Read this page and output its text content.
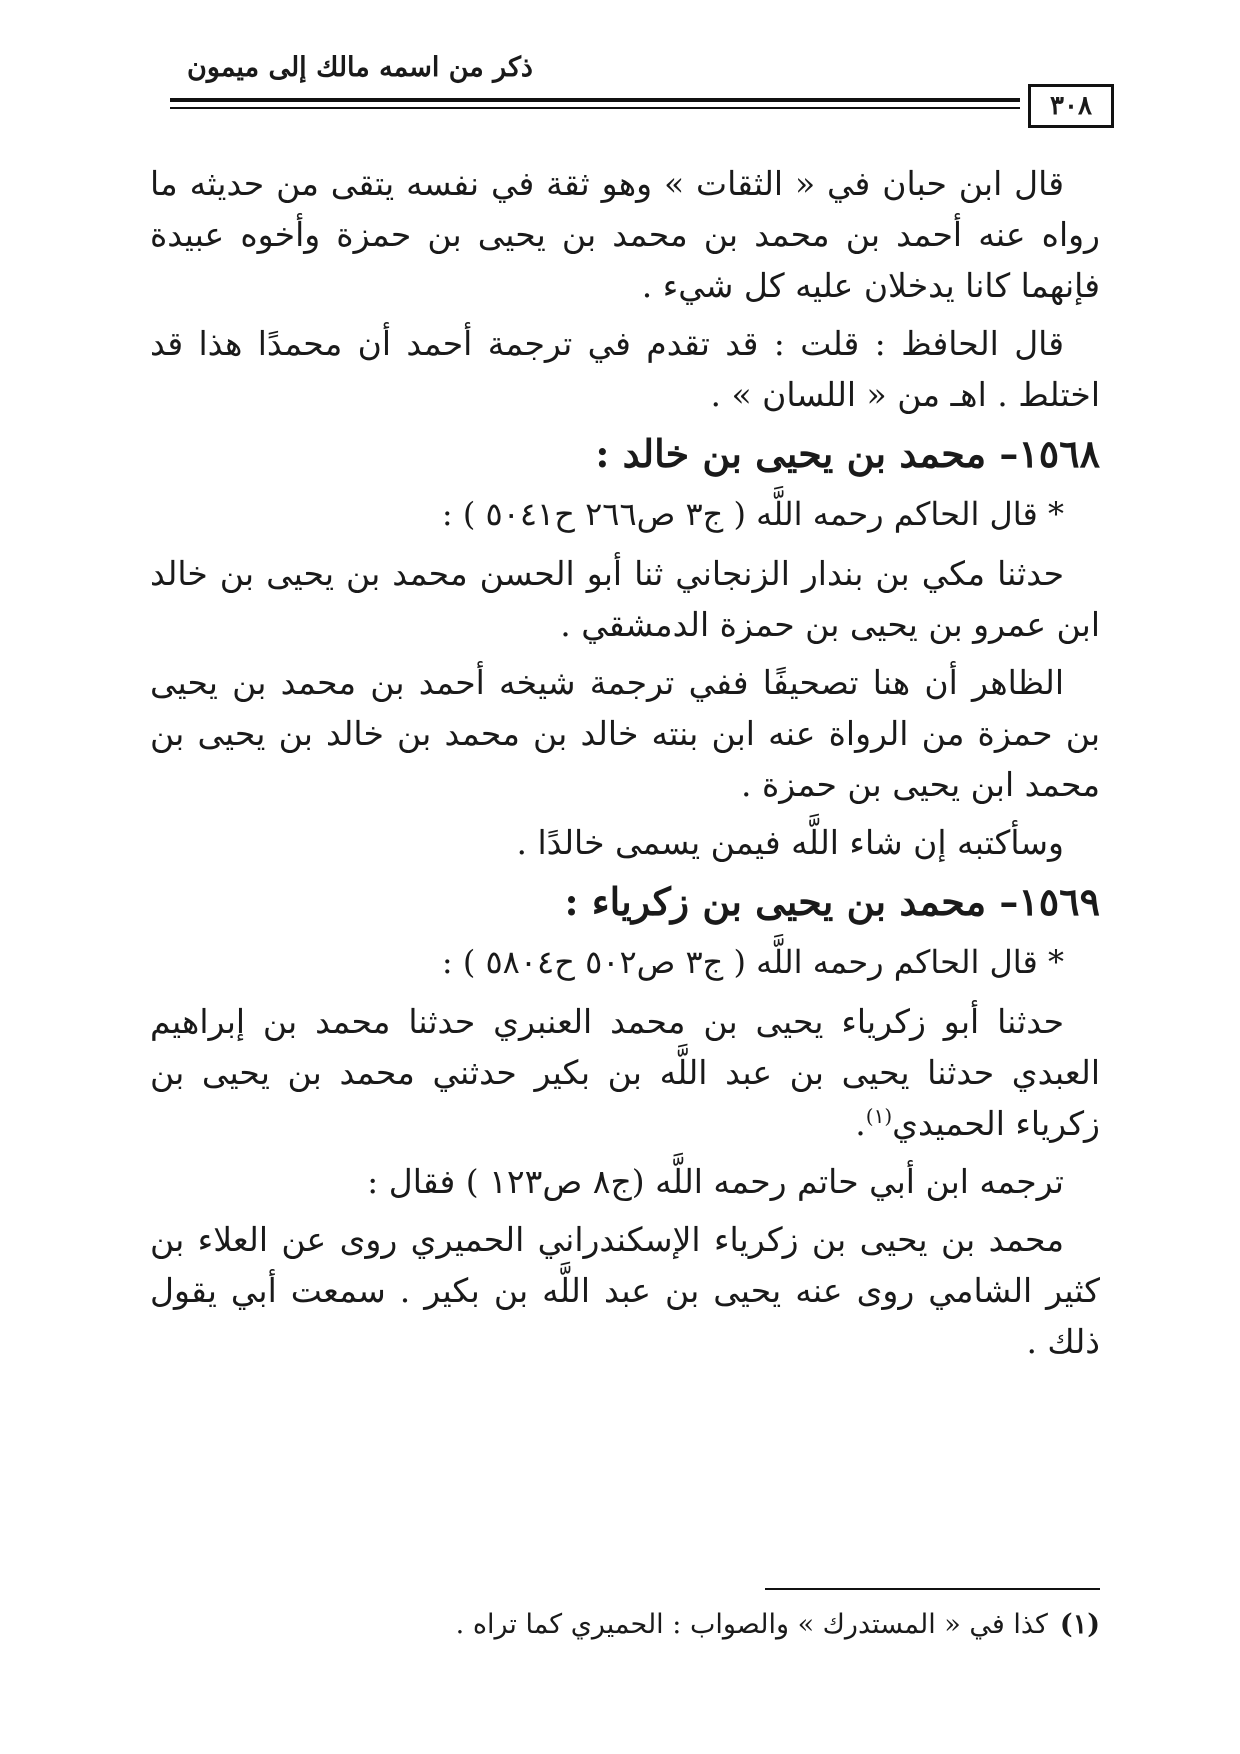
ذكر من اسمه مالك إلى ميمون
٣٠٨

قال ابن حبان في « الثقات » وهو ثقة في نفسه يتقى من حديثه ما رواه عنه أحمد بن محمد بن محمد بن يحيى بن حمزة وأخوه عبيدة فإنهما كانا يدخلان عليه كل شيء .

قال الحافظ : قلت : قد تقدم في ترجمة أحمد أن محمدًا هذا قد اختلط . اهـ من « اللسان » .

١٥٦٨– محمد بن يحيى بن خالد :
* قال الحاكم رحمه اللَّه ( ج٣ ص٢٦٦ ح٥٠٤١ ) :

حدثنا مكي بن بندار الزنجاني ثنا أبو الحسن محمد بن يحيى بن خالد ابن عمرو بن يحيى بن حمزة الدمشقي .

الظاهر أن هنا تصحيفًا ففي ترجمة شيخه أحمد بن محمد بن يحيى بن حمزة من الرواة عنه ابن بنته خالد بن محمد بن خالد بن يحيى بن محمد ابن يحيى بن حمزة .

وسأكتبه إن شاء اللَّه فيمن يسمى خالدًا .

١٥٦٩– محمد بن يحيى بن زكرياء :
* قال الحاكم رحمه اللَّه ( ج٣ ص٥٠٢ ح٥٨٠٤ ) :

حدثنا أبو زكرياء يحيى بن محمد العنبري حدثنا محمد بن إبراهيم العبدي حدثنا يحيى بن عبد اللَّه بن بكير حدثني محمد بن يحيى بن زكرياء الحميدي$^{(١)}$.

ترجمه ابن أبي حاتم رحمه اللَّه (ج٨ ص١٢٣ ) فقال :

محمد بن يحيى بن زكرياء الإسكندراني الحميري روى عن العلاء بن كثير الشامي روى عنه يحيى بن عبد اللَّه بن بكير . سمعت أبي يقول ذلك .

(١)كذا في « المستدرك » والصواب : الحميري كما تراه .
